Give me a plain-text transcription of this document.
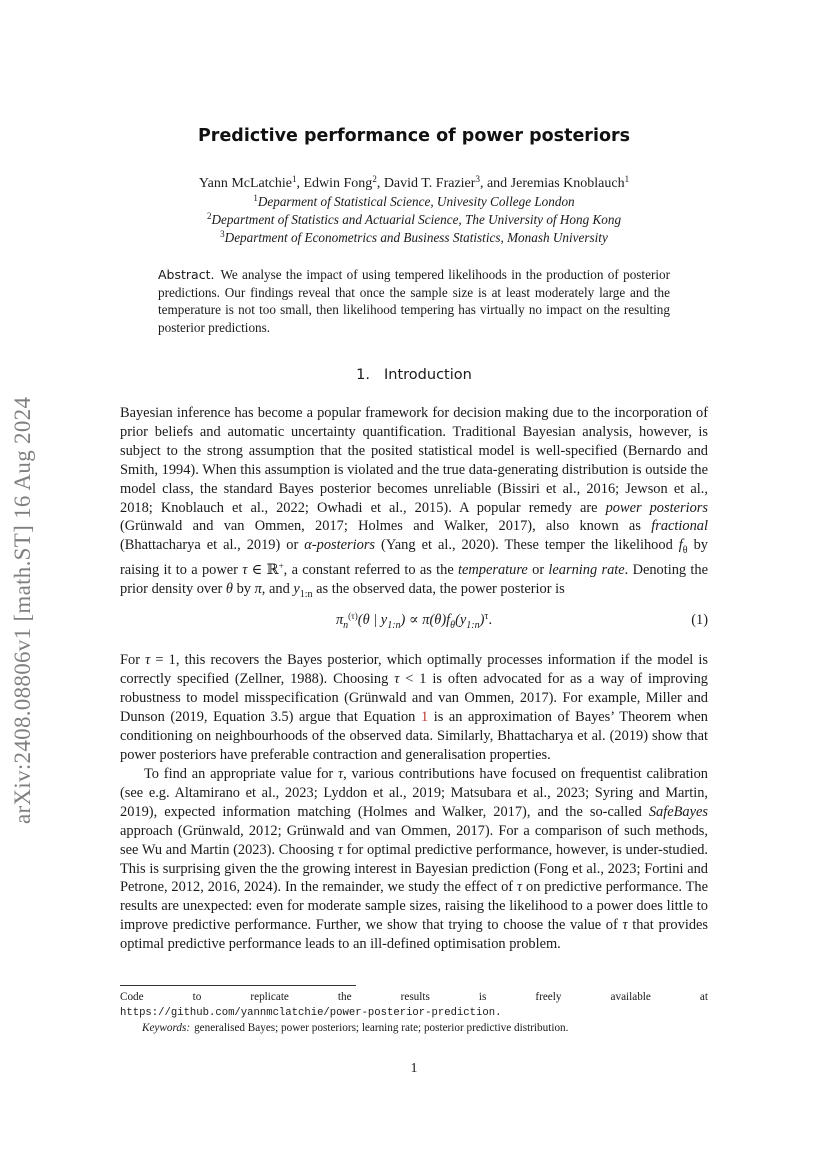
arXiv:2408.08806v1 [math.ST] 16 Aug 2024
Predictive performance of power posteriors
Yann McLatchie$^1$, Edwin Fong$^2$, David T. Frazier$^3$, and Jeremias Knoblauch$^1$
$^1$Deparment of Statistical Science, Univesity College London
$^2$Department of Statistics and Actuarial Science, The University of Hong Kong
$^3$Department of Econometrics and Business Statistics, Monash University
Abstract. We analyse the impact of using tempered likelihoods in the production of posterior predictions. Our findings reveal that once the sample size is at least moderately large and the temperature is not too small, then likelihood tempering has virtually no impact on the resulting posterior predictions.
1. Introduction

Bayesian inference has become a popular framework for decision making due to the incorporation of prior beliefs and automatic uncertainty quantification. Traditional Bayesian analysis, however, is subject to the strong assumption that the posited statistical model is well-specified (Bernardo and Smith, 1994). When this assumption is violated and the true data-generating distribution is outside the model class, the standard Bayes posterior becomes unreliable (Bissiri et al., 2016; Jewson et al., 2018; Knoblauch et al., 2022; Owhadi et al., 2015). A popular remedy are power posteriors (Grünwald and van Ommen, 2017; Holmes and Walker, 2017), also known as fractional (Bhattacharya et al., 2019) or α-posteriors (Yang et al., 2020). These temper the likelihood $f_\theta$ by raising it to a power τ ∈ ℝ+, a constant referred to as the temperature or learning rate. Denoting the prior density over θ by π, and $y_{1:n}$ as the observed data, the power posterior is

$\pi_n^{(\tau)}(\theta$ | $y_{1:n}) \propto \pi(\theta)f_\theta(y_{1:n})^\tau$.	(1)

For τ = 1, this recovers the Bayes posterior, which optimally processes information if the model is correctly specified (Zellner, 1988). Choosing τ < 1 is often advocated for as a way of improving robustness to model misspecification (Grünwald and van Ommen, 2017). For example, Miller and Dunson (2019, Equation 3.5) argue that Equation 1 is an approximation of Bayes’ Theorem when conditioning on neighbourhoods of the observed data. Similarly, Bhattacharya et al. (2019) show that power posteriors have preferable contraction and generalisation properties.

To find an appropriate value for τ, various contributions have focused on frequentist calibration (see e.g. Altamirano et al., 2023; Lyddon et al., 2019; Matsubara et al., 2023; Syring and Martin, 2019), expected information matching (Holmes and Walker, 2017), and the so-called SafeBayes approach (Grünwald, 2012; Grünwald and van Ommen, 2017). For a comparison of such methods, see Wu and Martin (2023). Choosing τ for optimal predictive performance, however, is under-studied. This is surprising given the the growing interest in Bayesian prediction (Fong et al., 2023; Fortini and Petrone, 2012, 2016, 2024). In the remainder, we study the effect of τ on predictive performance. The results are unexpected: even for moderate sample sizes, raising the likelihood to a power does little to improve predictive performance. Further, we show that trying to choose the value of τ that provides optimal predictive performance leads to an ill-defined optimisation problem.

Code to replicate the results is freely available at https://github.com/yannmclatchie/power-posterior-prediction.
Keywords: generalised Bayes; power posteriors; learning rate; posterior predictive distribution.
1
